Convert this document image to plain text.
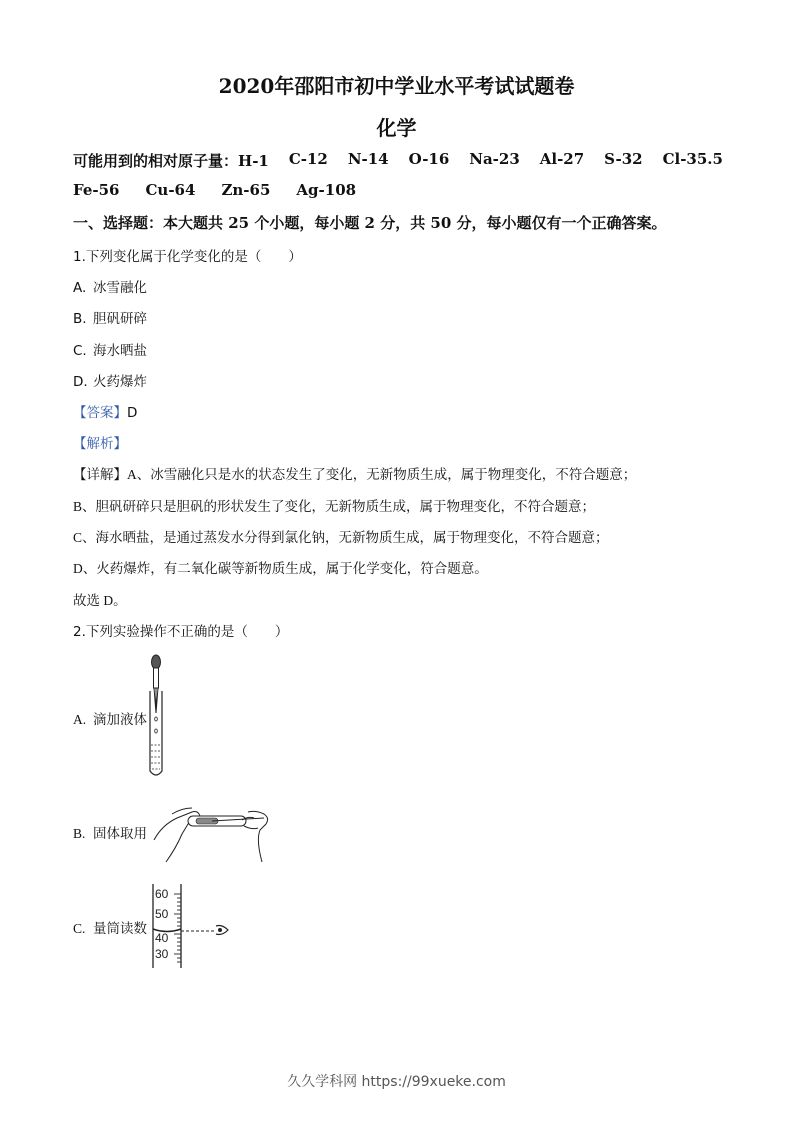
2020年邵阳市初中学业水平考试试题卷
化学
可能用到的相对原子量：H-1 C-12 N-14 O-16 Na-23 Al-27 S-32 Cl-35.5
Fe-56 Cu-64 Zn-65 Ag-108
一、选择题：本大题共 25 个小题，每小题 2 分，共 50 分，每小题仅有一个正确答案。
1.下列变化属于化学变化的是（　　）
A. 冰雪融化
B. 胆矾研碎
C. 海水晒盐
D. 火药爆炸
【答案】D
【解析】
【详解】A、冰雪融化只是水的状态发生了变化，无新物质生成，属于物理变化，不符合题意；
B、胆矾研碎只是胆矾的形状发生了变化，无新物质生成，属于物理变化，不符合题意；
C、海水晒盐，是通过蒸发水分得到氯化钠，无新物质生成，属于物理变化，不符合题意；
D、火药爆炸，有二氧化碳等新物质生成，属于化学变化，符合题意。
故选 D。
2.下列实验操作不正确的是（　　）
A. 滴加液体
B. 固体取用
C. 量筒读数
60
50
40
30
久久学科网 https://99xueke.com
